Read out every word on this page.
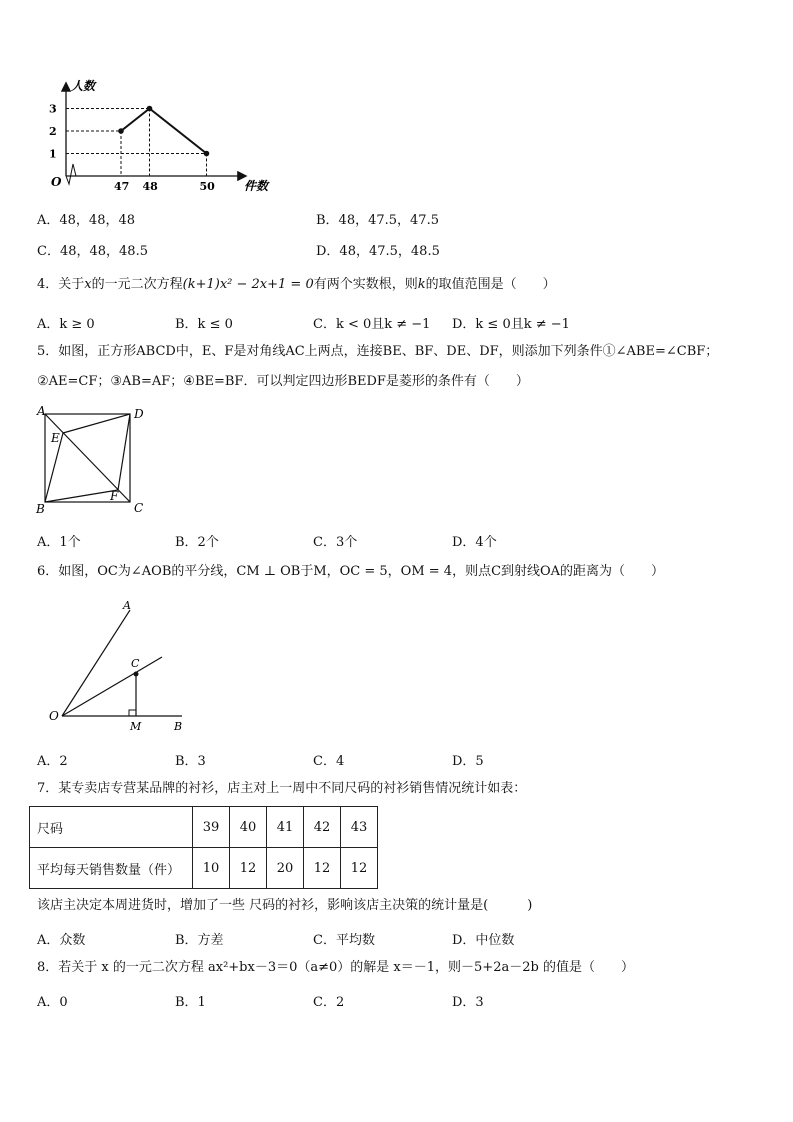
人数
件数
O	47 48	50
1
2
3
A．48，48，48	B．48，47.5，47.5
C．48，48，48.5	D．48，47.5，48.5
4．关于x的一元二次方程(k+1)x² − 2x+1 = 0有两个实数根，则k的取值范围是（　　）
A．k ≥ 0	B．k ≤ 0	C．k < 0且k ≠ −1 D．k ≤ 0且k ≠ −1
5．如图，正方形ABCD中，E、F是对角线AC上两点，连接BE、BF、DE、DF，则添加下列条件①∠ABE=∠CBF；
②AE=CF；③AB=AF；④BE=BF．可以判定四边形BEDF是菱形的条件有（　　）
A	D
E
F
B	C
A．1个	B．2个	C．3个	D．4个
6．如图，OC为∠AOB的平分线，CM ⊥ OB于M，OC = 5，OM = 4，则点C到射线OA的距离为（　　）
A
C
O
M	B
A．2	B．3	C．4	D．5
7．某专卖店专营某品牌的衬衫，店主对上一周中不同尺码的衬衫销售情况统计如表：
尺码	39	40	41	42	43
平均每天销售数量（件）	10	12	20	12	12
该店主决定本周进货时，增加了一些 尺码的衬衫，影响该店主决策的统计量是(　　　)
A．众数	B．方差	C．平均数	D．中位数
8．若关于 x 的一元二次方程 ax²+bx－3＝0（a≠0）的解是 x＝－1，则－5+2a－2b 的值是（　　）
A．0	B．1	C．2	D．3
